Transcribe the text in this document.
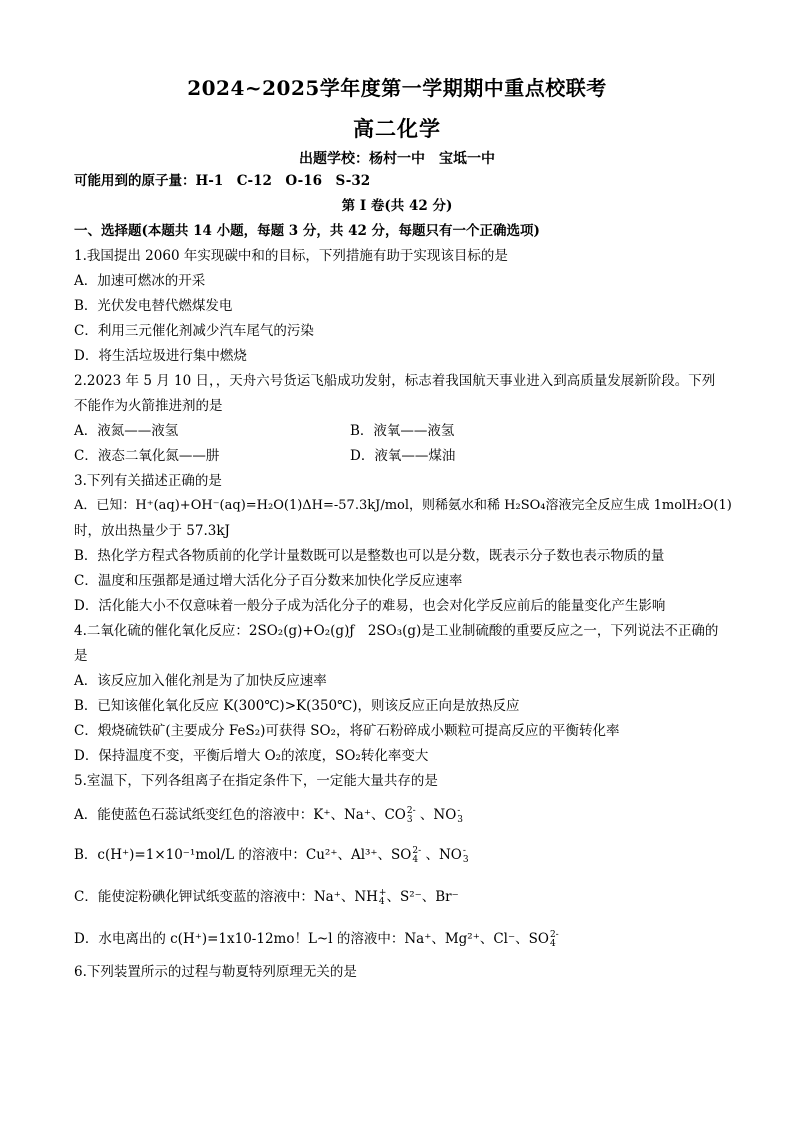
2024~2025学年度第一学期期中重点校联考
高二化学
出题学校：杨村一中　宝坻一中
可能用到的原子量：H-1　C-12　O-16　S-32
第 I 卷(共 42 分)
一、选择题(本题共 14 小题，每题 3 分，共 42 分，每题只有一个正确选项)
1.我国提出 2060 年实现碳中和的目标，下列措施有助于实现该目标的是
A．加速可燃冰的开采
B．光伏发电替代燃煤发电
C．利用三元催化剂减少汽车尾气的污染
D．将生活垃圾进行集中燃烧
2.2023 年 5 月 10 日，，天舟六号货运飞船成功发射，标志着我国航天事业进入到高质量发展新阶段。下列
不能作为火箭推进剂的是
A．液氮——液氢	B．液氧——液氢
C．液态二氧化氮——肼	D．液氧——煤油
3.下列有关描述正确的是
A．已知：H⁺(aq)+OH⁻(aq)=H₂O(1)ΔH=-57.3kJ/mol，则稀氨水和稀 H₂SO₄溶液完全反应生成 1molH₂O(1)
时，放出热量少于 57.3kJ
B．热化学方程式各物质前的化学计量数既可以是整数也可以是分数，既表示分子数也表示物质的量
C．温度和压强都是通过增大活化分子百分数来加快化学反应速率
D．活化能大小不仅意味着一般分子成为活化分子的难易，也会对化学反应前后的能量变化产生影响
4.二氧化硫的催化氧化反应：2SO₂(g)+O₂(g)ƒ　2SO₃(g)是工业制硫酸的重要反应之一，下列说法不正确的
是
A．该反应加入催化剂是为了加快反应速率
B．已知该催化氧化反应 K(300℃)>K(350℃)，则该反应正向是放热反应
C．煅烧硫铁矿(主要成分 FeS₂)可获得 SO₂，将矿石粉碎成小颗粒可提高反应的平衡转化率
D．保持温度不变，平衡后增大 O₂的浓度，SO₂转化率变大
5.室温下，下列各组离子在指定条件下，一定能大量共存的是
A．能使蓝色石蕊试纸变红色的溶液中：K⁺、Na⁺、CO 2-
3 、NO -
3
B．c(H⁺)=1×10⁻¹mol/L 的溶液中：Cu²⁺、Al³⁺、SO 2-
4 、NO -
3
C．能使淀粉碘化钾试纸变蓝的溶液中：Na⁺、NH +
4 、S²⁻、Br⁻
D．水电离出的 c(H⁺)=1x10-12mo！L~l 的溶液中：Na⁺、Mg²⁺、Cl⁻、SO 2-
4
6.下列装置所示的过程与勒夏特列原理无关的是
